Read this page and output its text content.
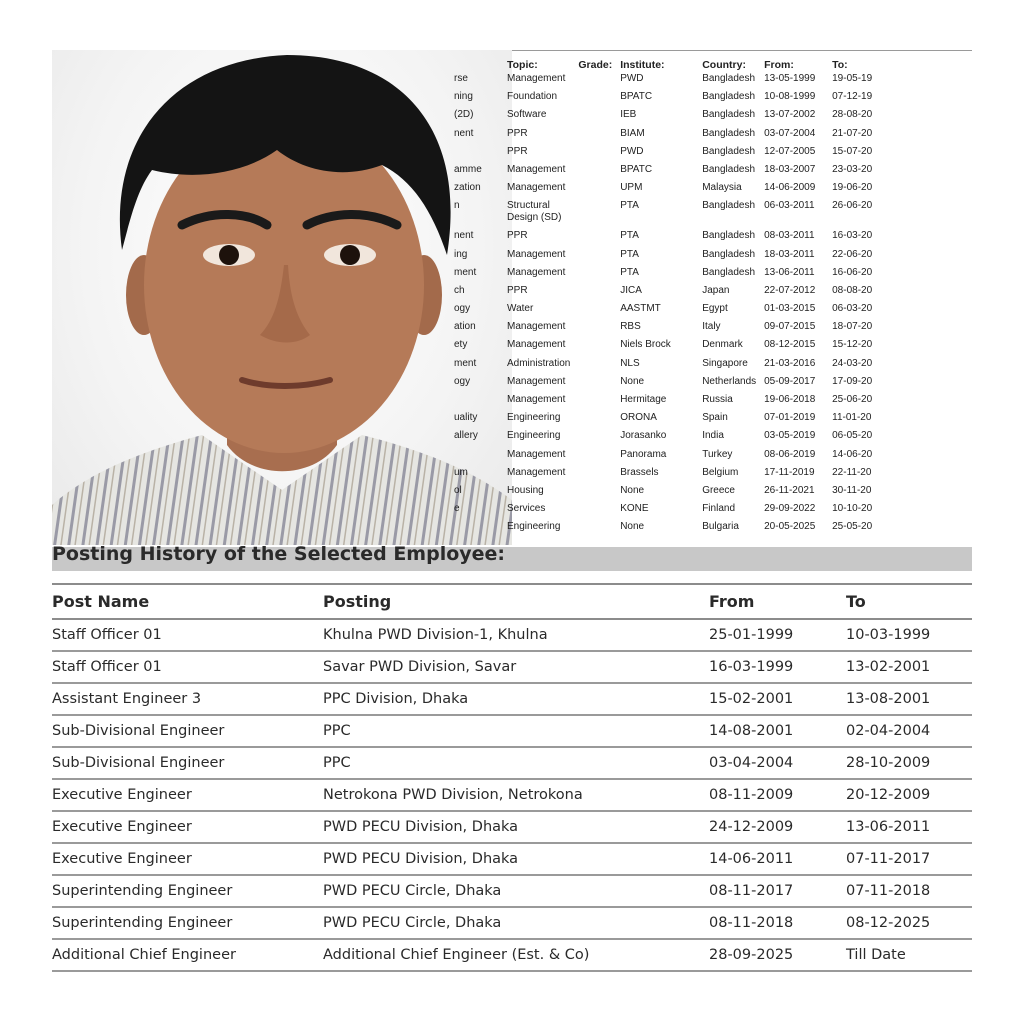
	Topic:	Grade:	Institute:	Country:	From:	To:
rse	Management		PWD	Bangladesh	13-05-1999	19-05-19
ning	Foundation		BPATC	Bangladesh	10-08-1999	07-12-19
(2D)	Software		IEB	Bangladesh	13-07-2002	28-08-20
nent	PPR		BIAM	Bangladesh	03-07-2004	21-07-20
	PPR		PWD	Bangladesh	12-07-2005	15-07-20
amme	Management		BPATC	Bangladesh	18-03-2007	23-03-20
zation	Management		UPM	Malaysia	14-06-2009	19-06-20
n	Structural Design (SD)		PTA	Bangladesh	06-03-2011	26-06-20
nent	PPR		PTA	Bangladesh	08-03-2011	16-03-20
ing	Management		PTA	Bangladesh	18-03-2011	22-06-20
ment	Management		PTA	Bangladesh	13-06-2011	16-06-20
ch	PPR		JICA	Japan	22-07-2012	08-08-20
ogy	Water		AASTMT	Egypt	01-03-2015	06-03-20
ation	Management		RBS	Italy	09-07-2015	18-07-20
ety	Management		Niels Brock	Denmark	08-12-2015	15-12-20
ment	Administration		NLS	Singapore	21-03-2016	24-03-20
ogy	Management		None	Netherlands	05-09-2017	17-09-20
	Management		Hermitage	Russia	19-06-2018	25-06-20
uality	Engineering		ORONA	Spain	07-01-2019	11-01-20
allery	Engineering		Jorasanko	India	03-05-2019	06-05-20
	Management		Panorama	Turkey	08-06-2019	14-06-20
um	Management		Brassels	Belgium	17-11-2019	22-11-20
ol	Housing		None	Greece	26-11-2021	30-11-20
e	Services		KONE	Finland	29-09-2022	10-10-20
	Engineering		None	Bulgaria	20-05-2025	25-05-20
Posting History of the Selected Employee:
Post Name	Posting	From	To
Staff Officer 01	Khulna PWD Division-1, Khulna	25-01-1999	10-03-1999
Staff Officer 01	Savar PWD Division, Savar	16-03-1999	13-02-2001
Assistant Engineer 3	PPC Division, Dhaka	15-02-2001	13-08-2001
Sub-Divisional Engineer	PPC	14-08-2001	02-04-2004
Sub-Divisional Engineer	PPC	03-04-2004	28-10-2009
Executive Engineer	Netrokona PWD Division, Netrokona	08-11-2009	20-12-2009
Executive Engineer	PWD PECU Division, Dhaka	24-12-2009	13-06-2011
Executive Engineer	PWD PECU Division, Dhaka	14-06-2011	07-11-2017
Superintending Engineer	PWD PECU Circle, Dhaka	08-11-2017	07-11-2018
Superintending Engineer	PWD PECU Circle, Dhaka	08-11-2018	08-12-2025
Additional Chief Engineer	Additional Chief Engineer (Est. & Co)	28-09-2025	Till Date
